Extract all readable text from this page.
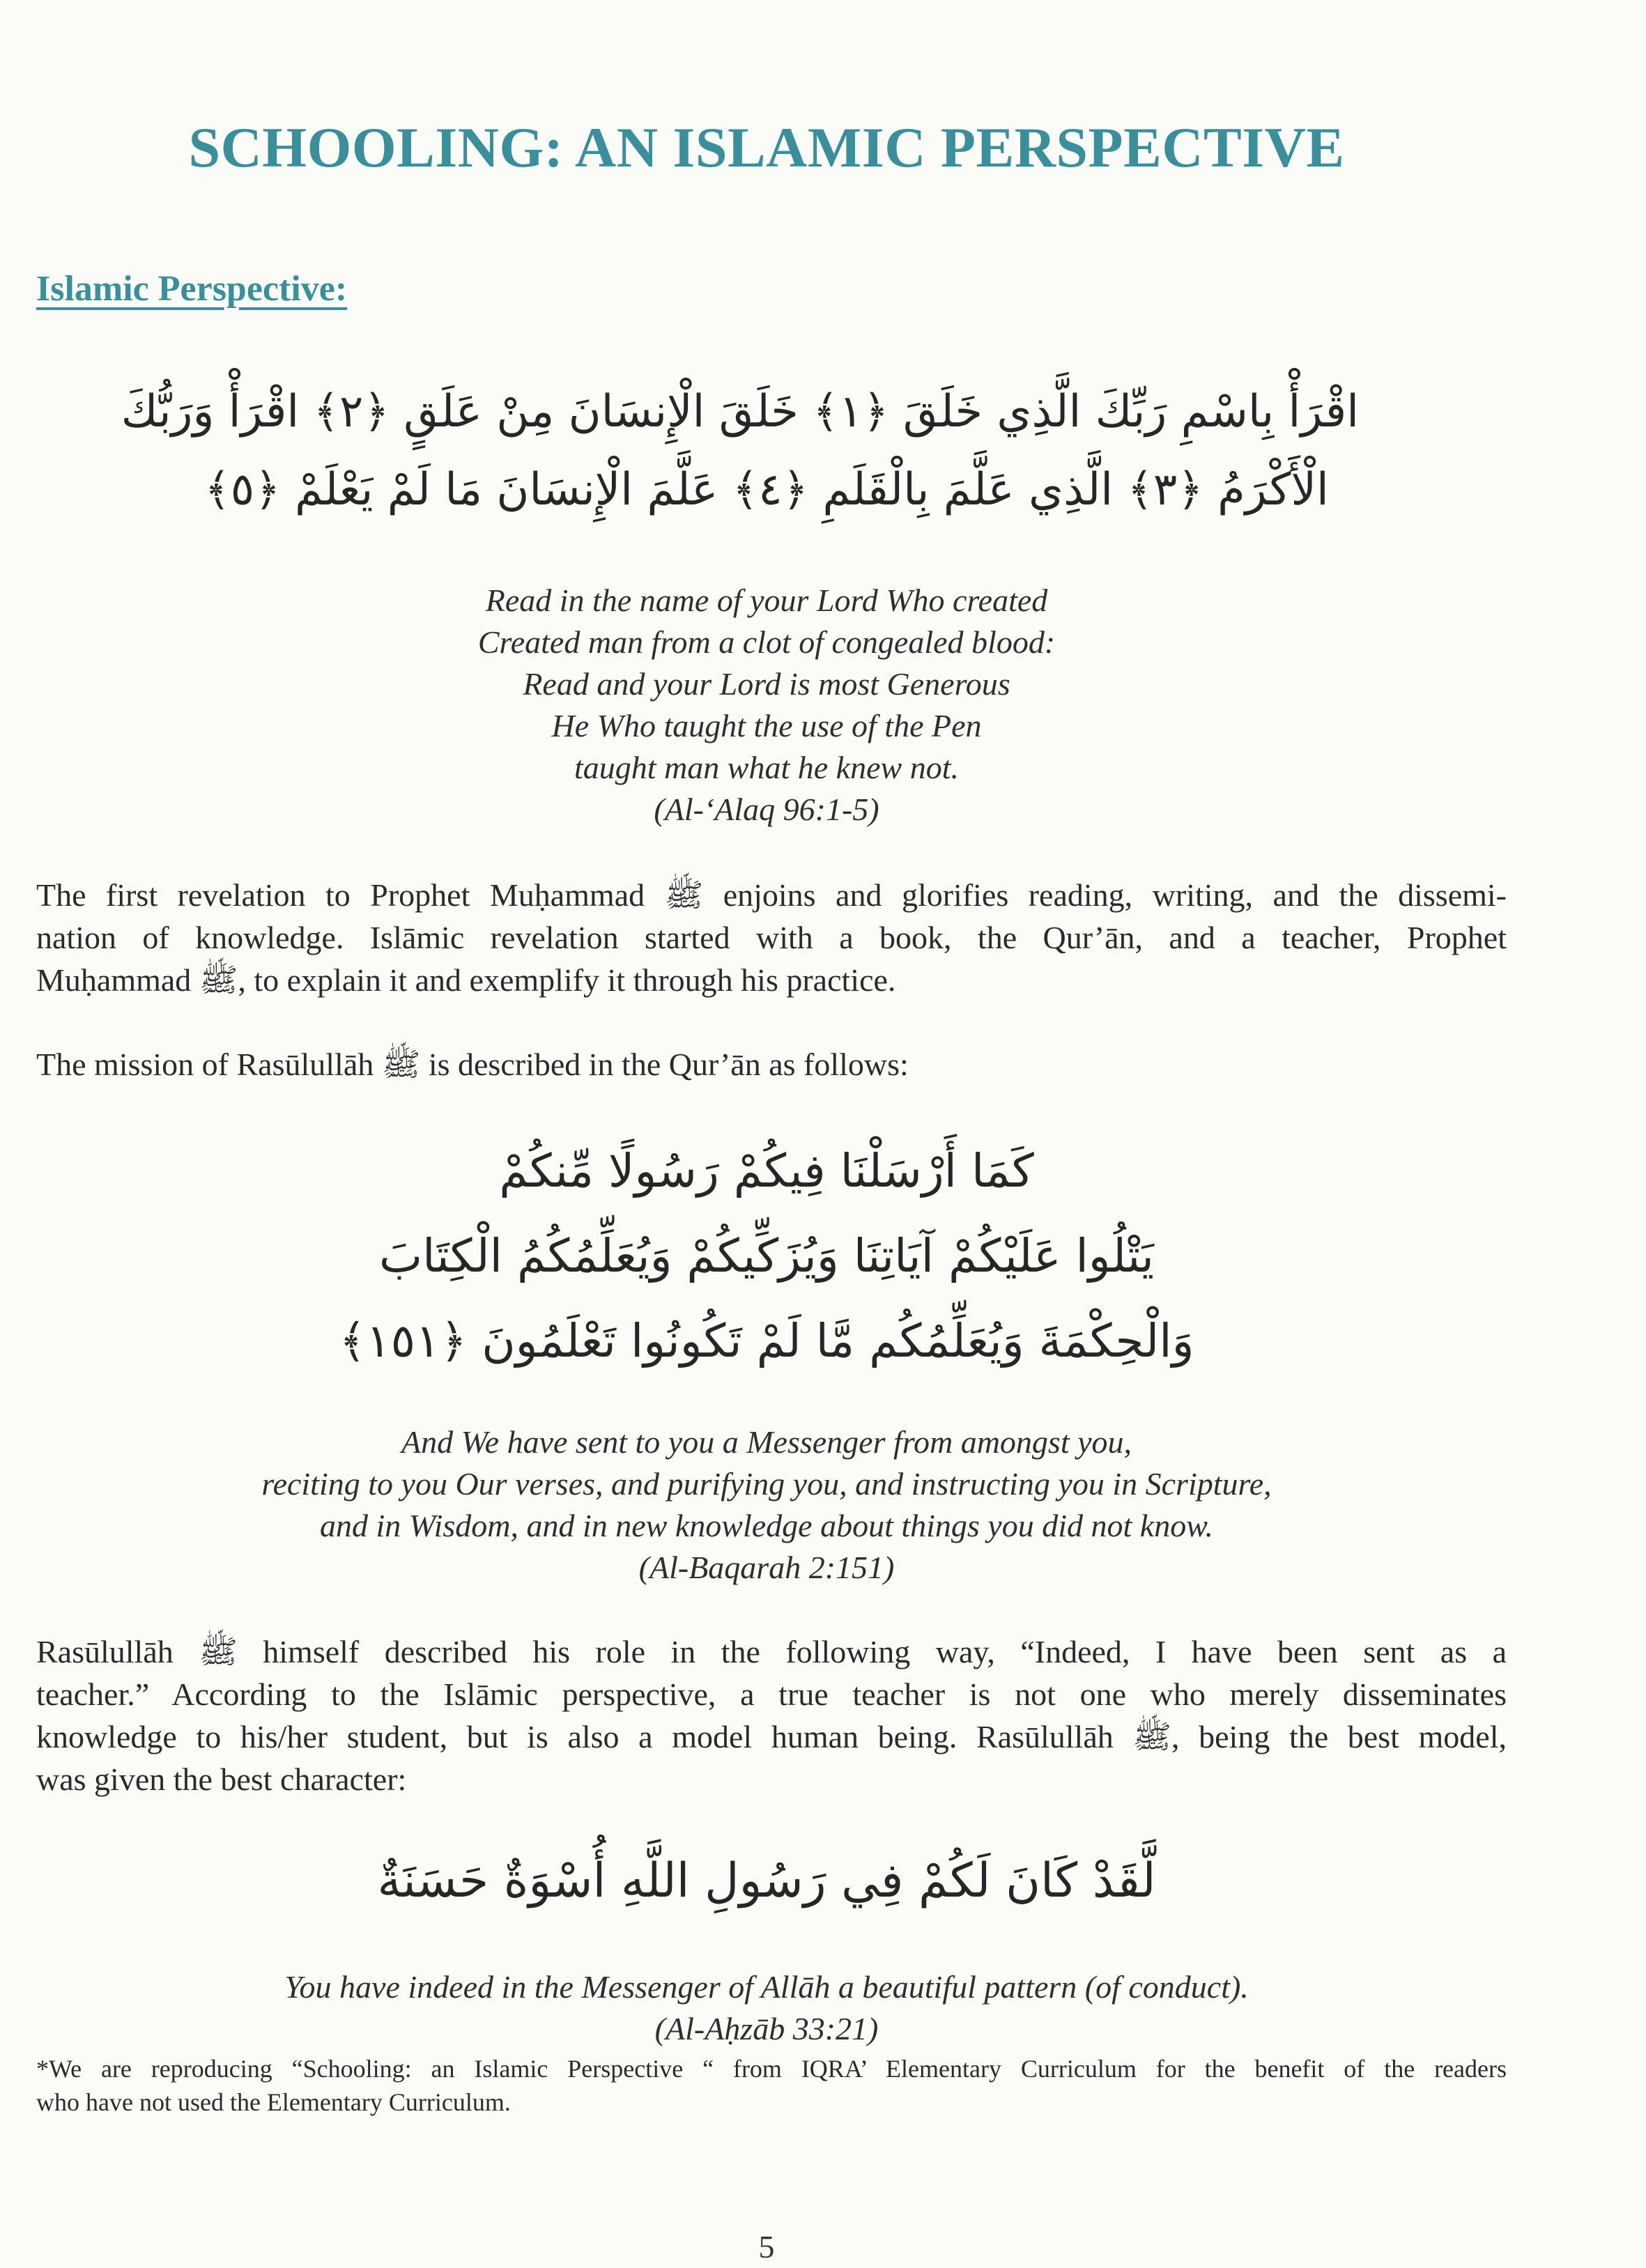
SCHOOLING: AN ISLAMIC PERSPECTIVE
Islamic Perspective:
اقْرَأْ بِاسْمِ رَبِّكَ الَّذِي خَلَقَ ﴿١﴾ خَلَقَ الْإِنسَانَ مِنْ عَلَقٍ ﴿٢﴾ اقْرَأْ وَرَبُّكَ
الْأَكْرَمُ ﴿٣﴾ الَّذِي عَلَّمَ بِالْقَلَمِ ﴿٤﴾ عَلَّمَ الْإِنسَانَ مَا لَمْ يَعْلَمْ ﴿٥﴾
Read in the name of your Lord Who created
Created man from a clot of congealed blood:
Read and your Lord is most Generous
He Who taught the use of the Pen
taught man what he knew not.
(Al-‘Alaq 96:1-5)
The first revelation to Prophet Muḥammad ﷺ enjoins and glorifies reading, writing, and the dissemi-
nation of knowledge. Islāmic revelation started with a book, the Qur’ān, and a teacher, Prophet
Muḥammad ﷺ, to explain it and exemplify it through his practice.
The mission of Rasūlullāh ﷺ is described in the Qur’ān as follows:
كَمَا أَرْسَلْنَا فِيكُمْ رَسُولًا مِّنكُمْ
يَتْلُوا عَلَيْكُمْ آيَاتِنَا وَيُزَكِّيكُمْ وَيُعَلِّمُكُمُ الْكِتَابَ
وَالْحِكْمَةَ وَيُعَلِّمُكُم مَّا لَمْ تَكُونُوا تَعْلَمُونَ ﴿١٥١﴾
And We have sent to you a Messenger from amongst you,
reciting to you Our verses, and purifying you, and instructing you in Scripture,
and in Wisdom, and in new knowledge about things you did not know.
(Al-Baqarah 2:151)
Rasūlullāh ﷺ himself described his role in the following way, “Indeed, I have been sent as a
teacher.” According to the Islāmic perspective, a true teacher is not one who merely disseminates
knowledge to his/her student, but is also a model human being. Rasūlullāh ﷺ, being the best model,
was given the best character:
لَّقَدْ كَانَ لَكُمْ فِي رَسُولِ اللَّهِ أُسْوَةٌ حَسَنَةٌ
You have indeed in the Messenger of Allāh a beautiful pattern (of conduct).
(Al-Aḥzāb 33:21)
*We are reproducing “Schooling: an Islamic Perspective “ from IQRA’ Elementary Curriculum for the benefit of the readers
who have not used the Elementary Curriculum.
5
